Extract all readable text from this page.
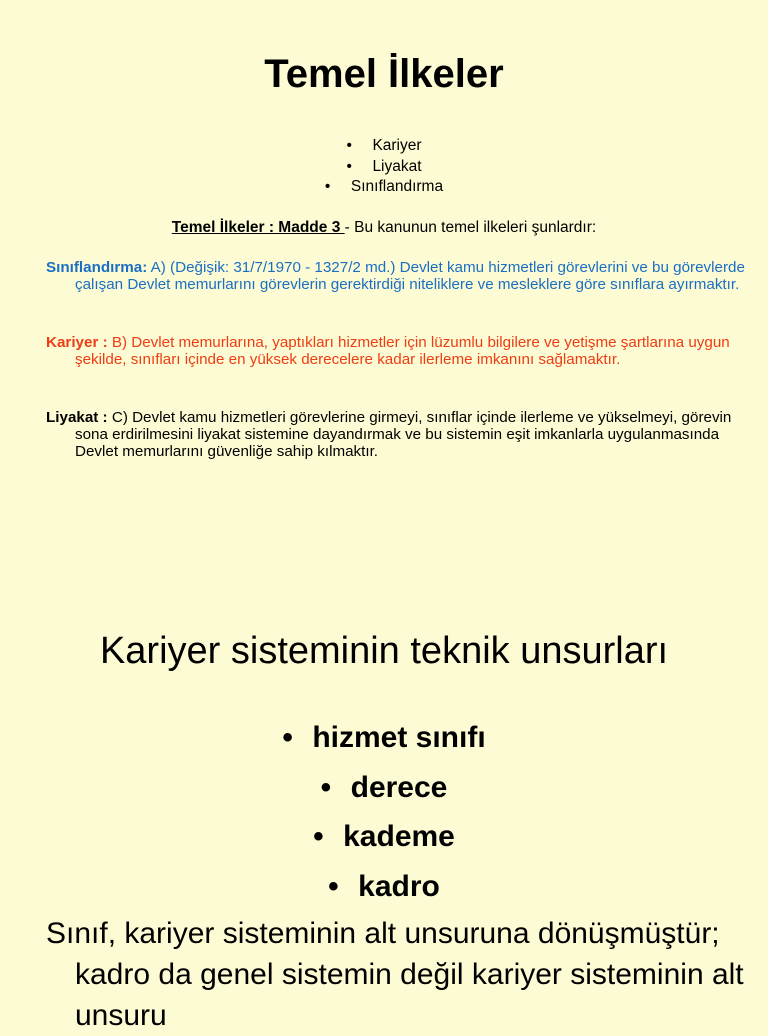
Temel İlkeler
• Kariyer
• Liyakat
• Sınıflandırma
Temel İlkeler : Madde 3 - Bu kanunun temel ilkeleri şunlardır:
Sınıflandırma: A) (Değişik: 31/7/1970 - 1327/2 md.) Devlet kamu hizmetleri görevlerini ve bu görevlerde çalışan Devlet memurlarını görevlerin gerektirdiği niteliklere ve mesleklere göre sınıflara ayırmaktır.
Kariyer : B) Devlet memurlarına, yaptıkları hizmetler için lüzumlu bilgilere ve yetişme şartlarına uygun şekilde, sınıfları içinde en yüksek derecelere kadar ilerleme imkanını sağlamaktır.
Liyakat : C) Devlet kamu hizmetleri görevlerine girmeyi, sınıflar içinde ilerleme ve yükselmeyi, görevin sona erdirilmesini liyakat sistemine dayandırmak ve bu sistemin eşit imkanlarla uygulanmasında Devlet memurlarını güvenliğe sahip kılmaktır.
Kariyer sisteminin teknik unsurları
• hizmet sınıfı
• derece
• kademe
• kadro
Sınıf, kariyer sisteminin alt unsuruna dönüşmüştür; kadro da genel sistemin değil kariyer sisteminin alt unsuru
